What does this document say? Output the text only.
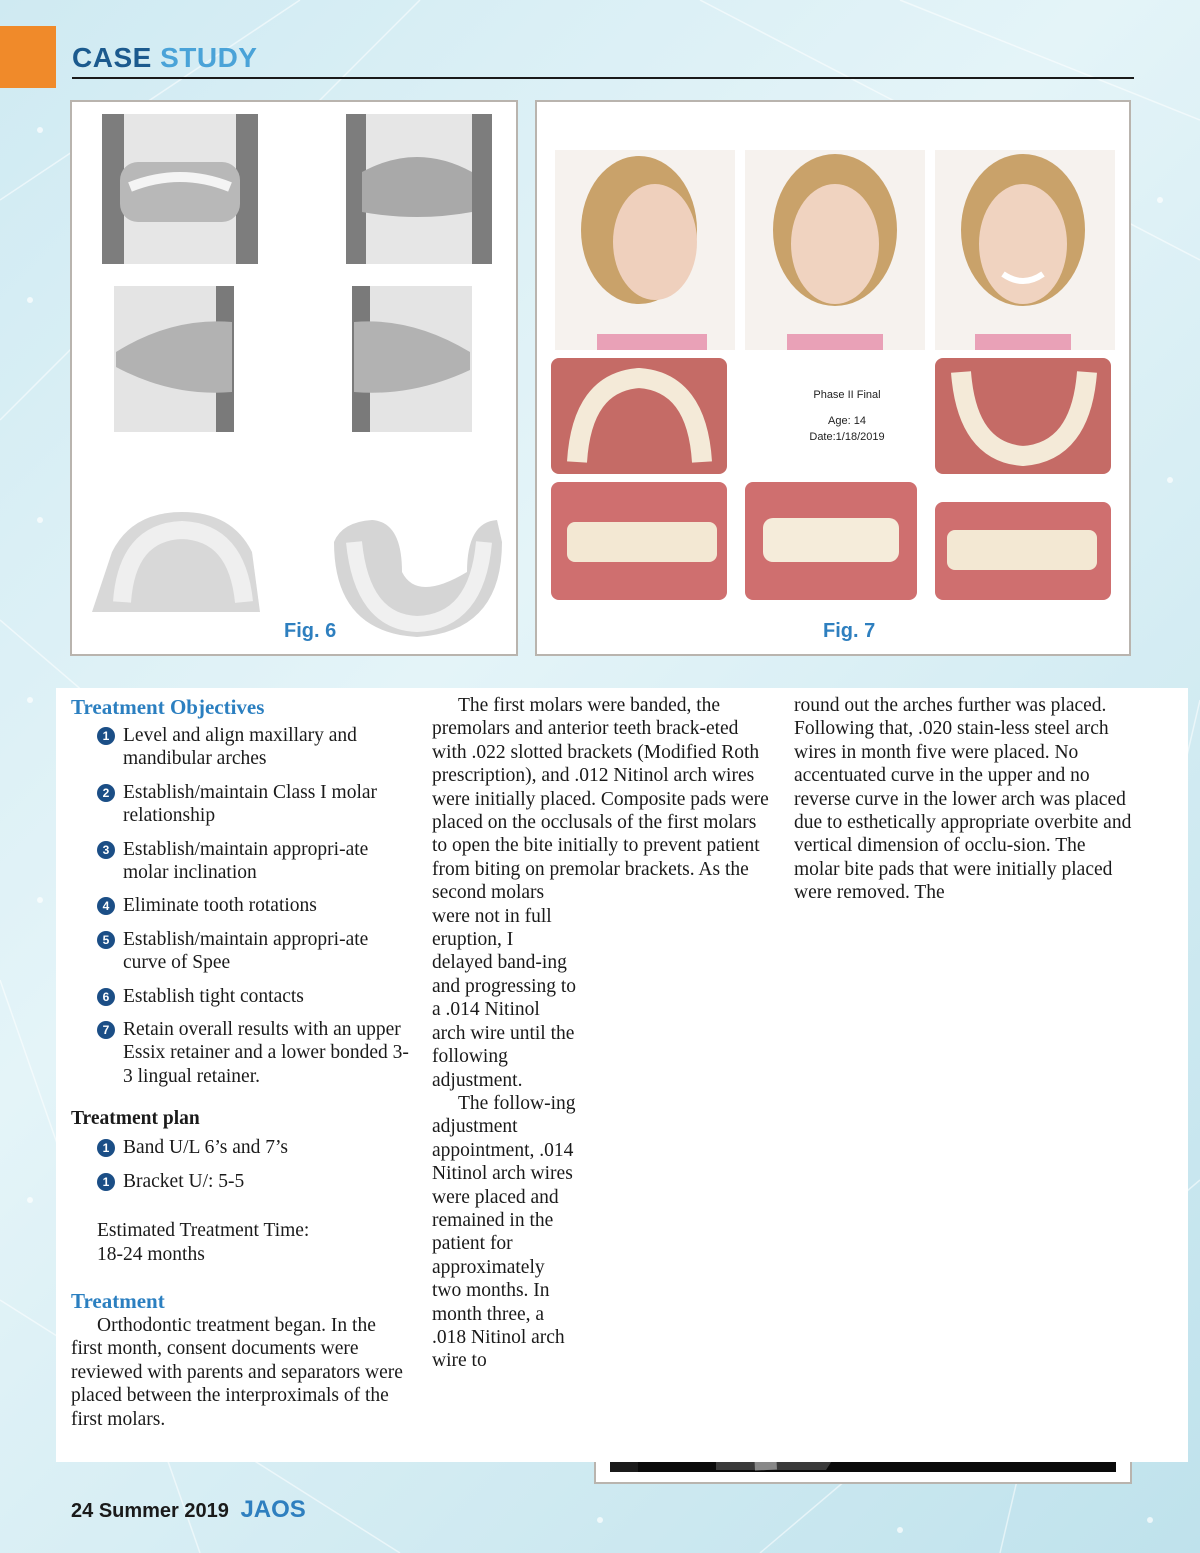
CASE STUDY
Fig. 6
Phase II Final
Age: 14
Date:1/18/2019
Fig. 7
Treatment Objectives
1 Level and align maxillary and mandibular arches
2 Establish/maintain Class I molar relationship
3 Establish/maintain appropri-ate molar inclination
4 Eliminate tooth rotations
5 Establish/maintain appropri-ate curve of Spee
6 Establish tight contacts
7 Retain overall results with an upper Essix retainer and a lower bonded 3-3 lingual retainer.
Treatment plan
1 Band U/L 6’s and 7’s
1 Bracket U/: 5-5
Estimated Treatment Time:
18-24 months
Treatment

Orthodontic treatment began. In the first month, consent documents were reviewed with parents and separators were placed between the interproximals of the first molars.

The first molars were banded, the premolars and anterior teeth brack-eted with .022 slotted brackets (Modified Roth prescription), and .012 Nitinol arch wires were initially placed. Composite pads were placed on the occlusals of the first molars to open the bite initially to prevent patient from biting on premolar brackets. As the

second molars were not in full eruption, I delayed band-ing and progressing to a .014 Nitinol arch wire until the following adjustment.

The follow-ing adjustment appointment, .014 Nitinol arch wires were placed and remained in the patient for approximately two months. In month three, a .018 Nitinol arch wire to

round out the arches further was placed. Following that, .020 stain-less steel arch wires in month five were placed. No accentuated curve in the upper and no reverse curve in the lower arch was placed due to esthetically appropriate overbite and vertical dimension of occlu-sion. The molar bite pads that were initially placed were removed. The

24 Summer 2019 JAOS
